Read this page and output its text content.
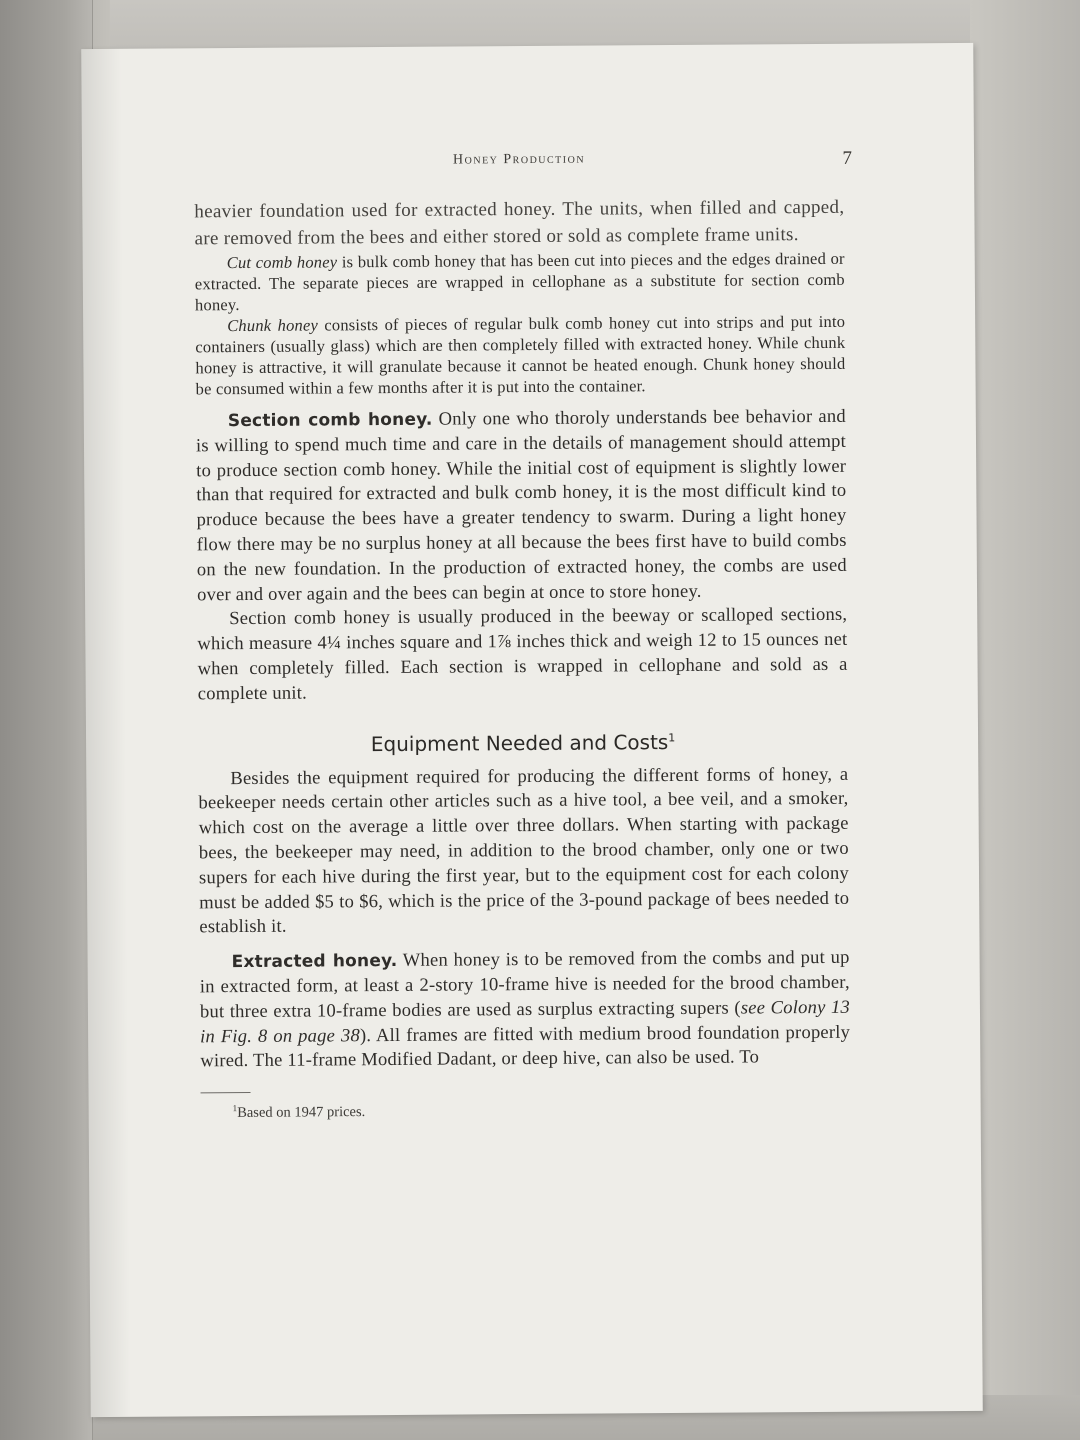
Honey Production	7

heavier foundation used for extracted honey. The units, when filled and capped, are removed from the bees and either stored or sold as complete frame units.

Cut comb honey is bulk comb honey that has been cut into pieces and the edges drained or extracted. The separate pieces are wrapped in cellophane as a substitute for section comb honey.

Chunk honey consists of pieces of regular bulk comb honey cut into strips and put into containers (usually glass) which are then completely filled with extracted honey. While chunk honey is attractive, it will granulate because it cannot be heated enough. Chunk honey should be consumed within a few months after it is put into the container.

Section comb honey. Only one who thoroly understands bee behavior and is willing to spend much time and care in the details of management should attempt to produce section comb honey. While the initial cost of equipment is slightly lower than that required for extracted and bulk comb honey, it is the most difficult kind to produce because the bees have a greater tendency to swarm. During a light honey flow there may be no surplus honey at all because the bees first have to build combs on the new foundation. In the production of extracted honey, the combs are used over and over again and the bees can begin at once to store honey.

Section comb honey is usually produced in the beeway or scalloped sections, which measure 4¼ inches square and 1⅞ inches thick and weigh 12 to 15 ounces net when completely filled. Each section is wrapped in cellophane and sold as a complete unit.

Equipment Needed and Costs$^1$

Besides the equipment required for producing the different forms of honey, a beekeeper needs certain other articles such as a hive tool, a bee veil, and a smoker, which cost on the average a little over three dollars. When starting with package bees, the beekeeper may need, in addition to the brood chamber, only one or two supers for each hive during the first year, but to the equipment cost for each colony must be added $5 to $6, which is the price of the 3-pound package of bees needed to establish it.

Extracted honey. When honey is to be removed from the combs and put up in extracted form, at least a 2-story 10-frame hive is needed for the brood chamber, but three extra 10-frame bodies are used as surplus extracting supers (see Colony 13 in Fig. 8 on page 38). All frames are fitted with medium brood foundation properly wired. The 11-frame Modified Dadant, or deep hive, can also be used. To

$^1$Based on 1947 prices.
